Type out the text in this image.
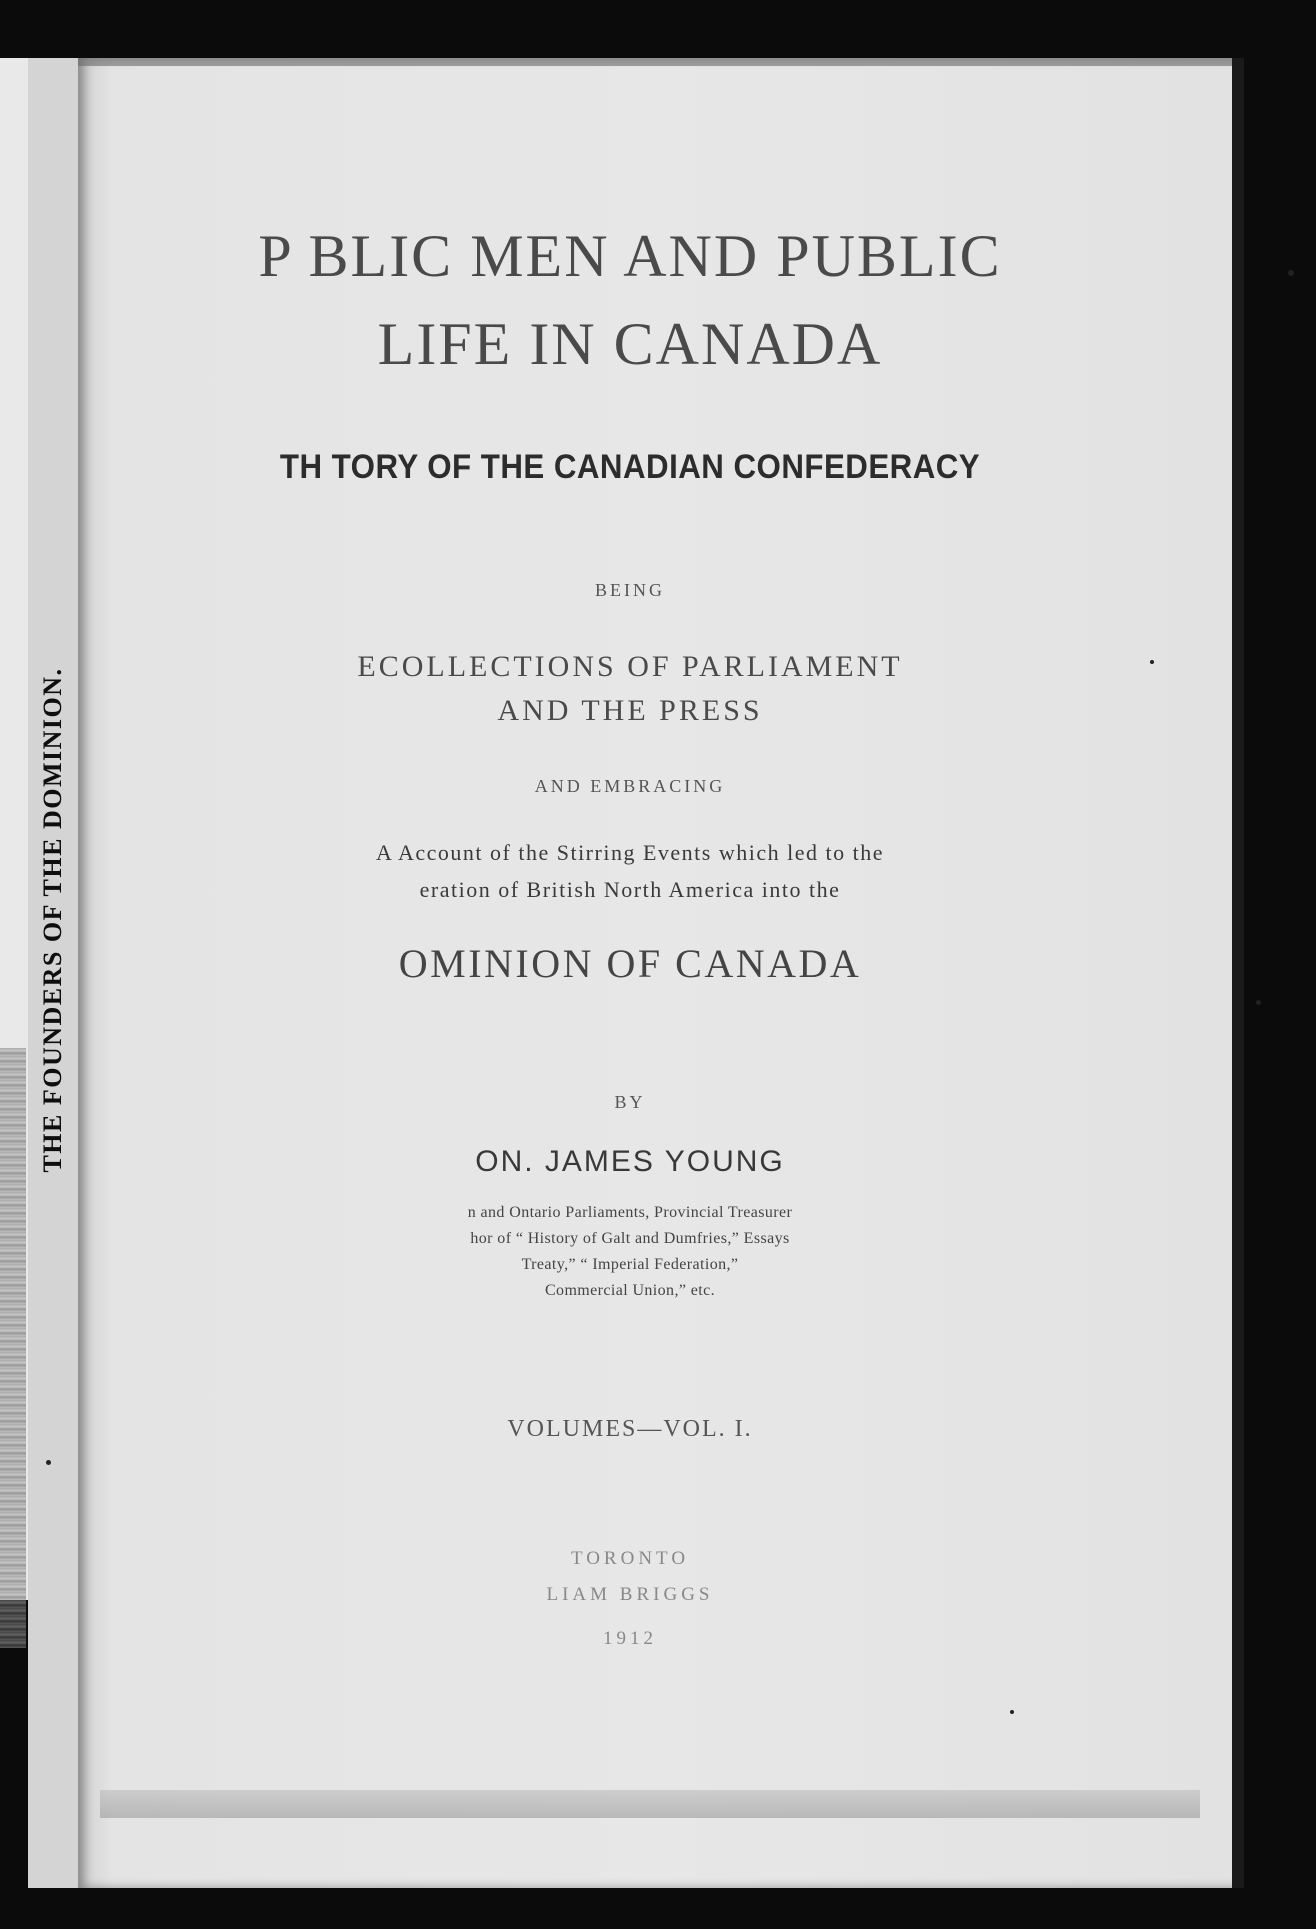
THE FOUNDERS OF THE DOMINION.
P BLIC MEN AND PUBLIC
LIFE IN CANADA
TH TORY OF THE CANADIAN CONFEDERACY
BEING
ECOLLECTIONS OF PARLIAMENT
AND THE PRESS
AND EMBRACING
A Account of the Stirring Events which led to the
eration of British North America into the
OMINION OF CANADA
BY
ON. JAMES YOUNG
n and Ontario Parliaments, Provincial Treasurer
hor of “ History of Galt and Dumfries,” Essays
Treaty,” “ Imperial Federation,”
Commercial Union,” etc.
VOLUMES—VOL. I.
TORONTO
LIAM BRIGGS
1912
